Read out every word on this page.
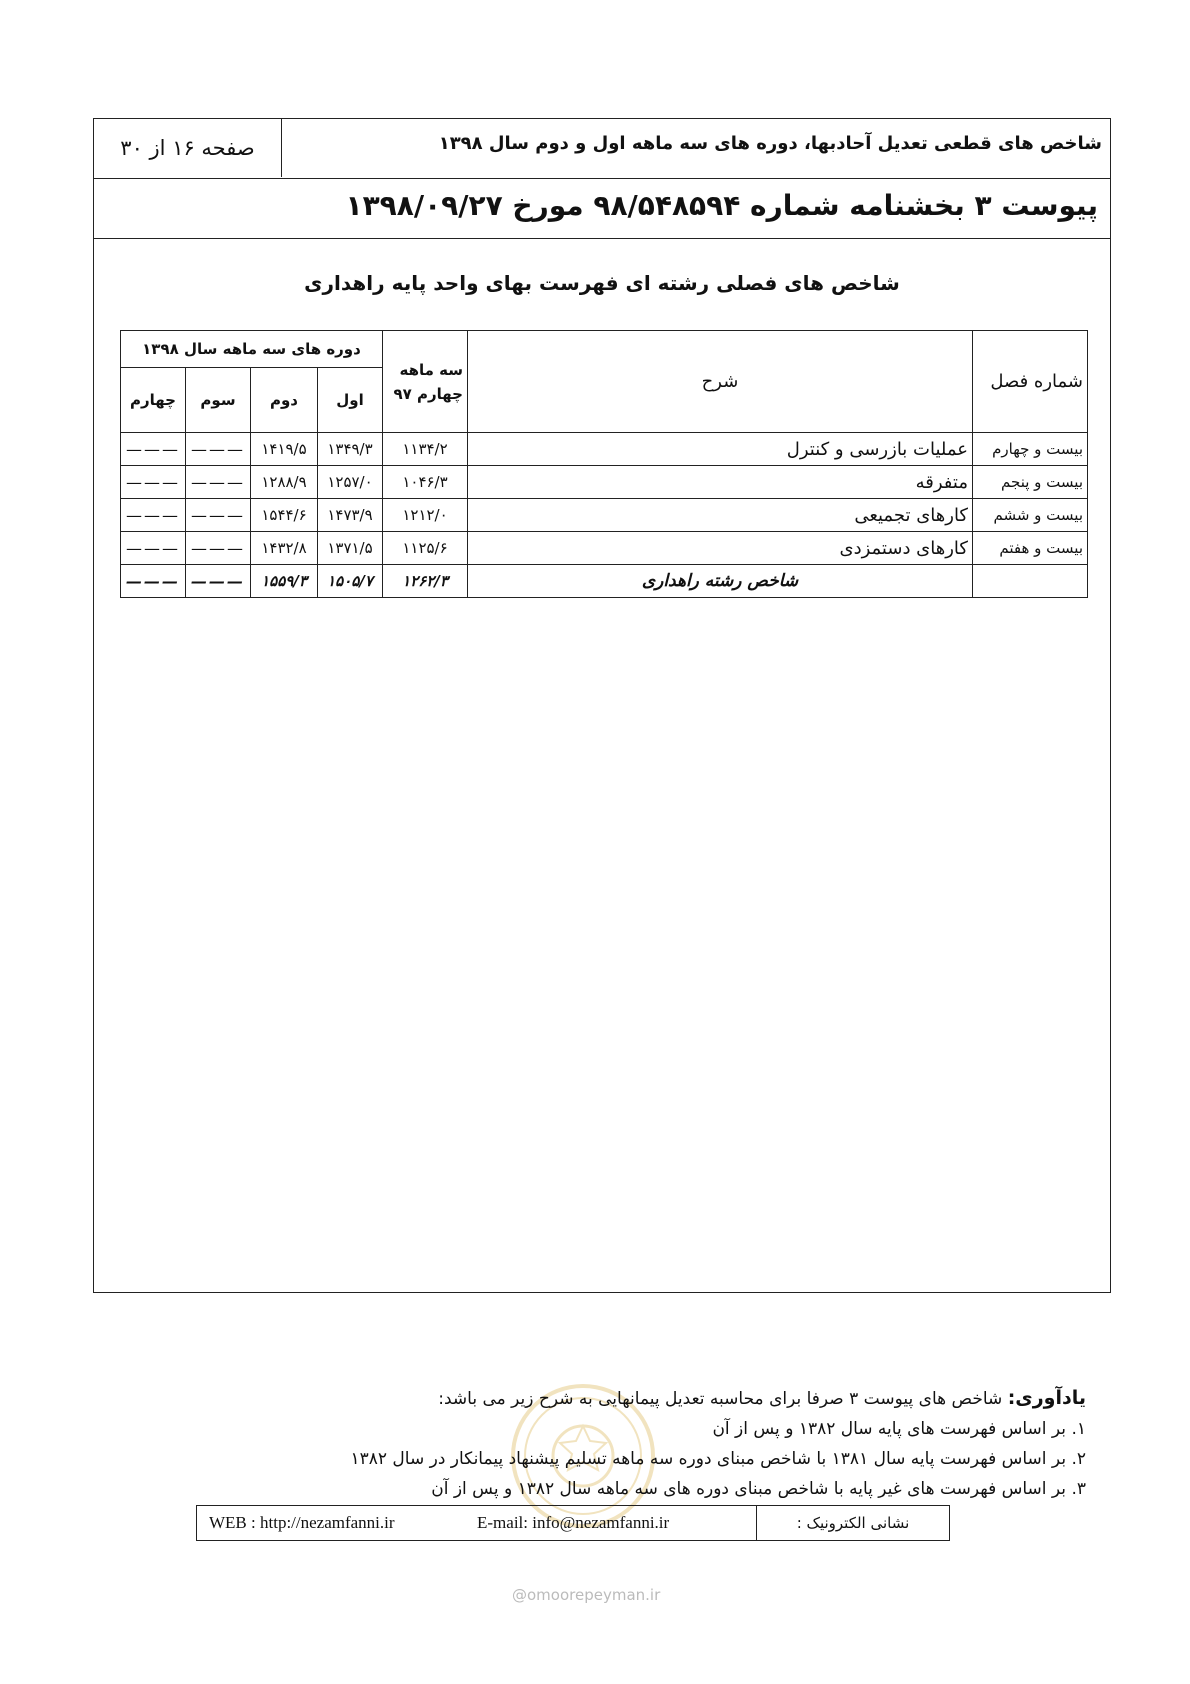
شاخص های قطعی تعدیل آحادبها، دوره های سه ماهه اول و دوم سال ۱۳۹۸
صفحه ۱۶ از ۳۰
پیوست ۳ بخشنامه شماره ۹۸/۵۴۸۵۹۴ مورخ ۱۳۹۸/۰۹/۲۷
شاخص های فصلی رشته ای فهرست بهای واحد پایه راهداری
شماره فصل	شرح	سه ماهه
چهارم ۹۷	دوره های سه ماهه سال ۱۳۹۸			
			اول	دوم	سوم	چهارم
بیست و چهارم	عملیات بازرسی و کنترل	۱۱۳۴/۲	۱۳۴۹/۳	۱۴۱۹/۵	———	———
بیست و پنجم	متفرقه	۱۰۴۶/۳	۱۲۵۷/۰	۱۲۸۸/۹	———	———
بیست و ششم	کارهای تجمیعی	۱۲۱۲/۰	۱۴۷۳/۹	۱۵۴۴/۶	———	———
بیست و هفتم	کارهای دستمزدی	۱۱۲۵/۶	۱۳۷۱/۵	۱۴۳۲/۸	———	———
	شاخص رشته راهداری	۱۲۶۲/۳	۱۵۰۵/۷	۱۵۵۹/۳	———	———
یادآوری: شاخص های پیوست ۳ صرفا برای محاسبه تعدیل پیمانهایی به شرح زیر می باشد:
۱. بر اساس فهرست های پایه سال ۱۳۸۲ و پس از آن
۲. بر اساس فهرست پایه سال ۱۳۸۱ با شاخص مبنای دوره سه ماهه تسلیم پیشنهاد پیمانکار در سال ۱۳۸۲
۳. بر اساس فهرست های غیر پایه با شاخص مبنای دوره های سه ماهه سال ۱۳۸۲ و پس از آن
نشانی الکترونیک :
WEB : http://nezamfanni.ir	E-mail: info@nezamfanni.ir
@omoorepeyman.ir
